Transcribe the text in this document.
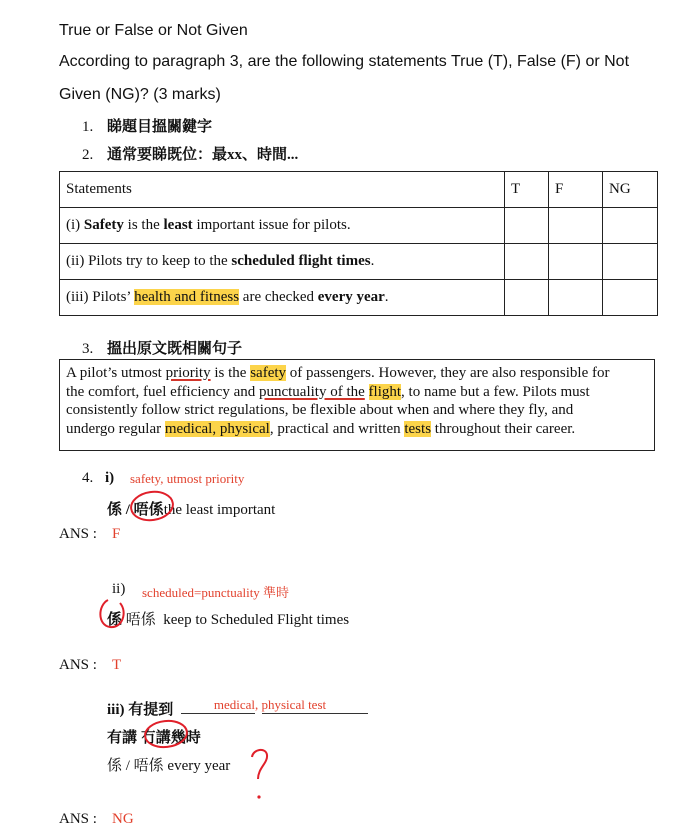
True or False or Not Given
According to paragraph 3, are the following statements True (T), False (F) or Not
Given (NG)? (3 marks)
1. 睇題目搵關鍵字
2. 通常要睇既位：最xx、時間...
Statements	T	F	NG
(i) Safety is the least important issue for pilots.			
(ii) Pilots try to keep to the scheduled flight times.			
(iii) Pilots’ health and fitness are checked every year.			
3. 搵出原文既相關句子
A pilot’s utmost priority is the safety of passengers. However, they are also responsible for
the comfort, fuel efficiency and punctuality of the flight, to name but a few. Pilots must
consistently follow strict regulations, be flexible about when and where they fly, and
undergo regular medical, physical, practical and written tests throughout their career.
4. i) safety, utmost priority
係 / 唔係the least important
ANS : F
ii) scheduled=punctuality 準時
係 唔係  keep to Scheduled Flight times
ANS : T
iii) 有提到	medical, physical test
有講 冇講幾時
係 / 唔係 every year
ANS : NG
